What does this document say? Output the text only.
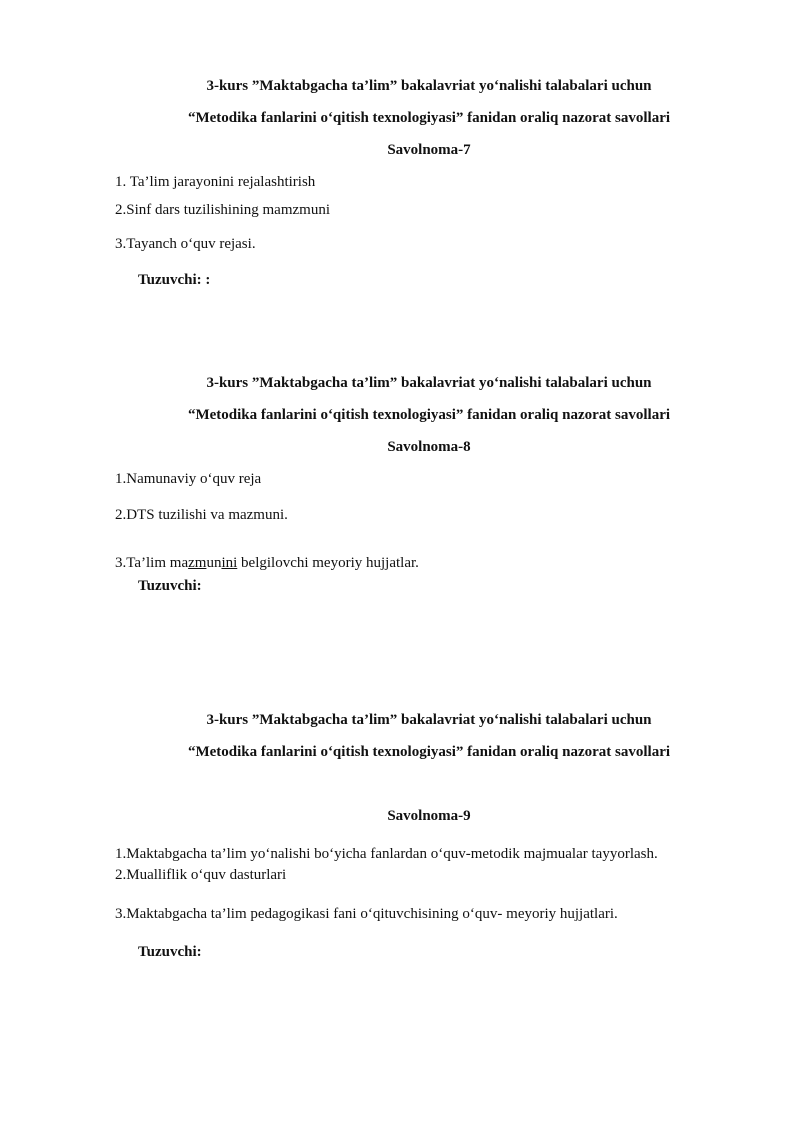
3-kurs ”Maktabgacha ta’lim” bakalavriat yo‘nalishi talabalari uchun
“Metodika fanlarini o‘qitish texnologiyasi” fanidan oraliq nazorat savollari
Savolnoma-7
1. Ta’lim jarayonini rejalashtirish
2.Sinf dars tuzilishining mamzmuni
3.Tayanch o‘quv rejasi.
Tuzuvchi: :
3-kurs ”Maktabgacha ta’lim” bakalavriat yo‘nalishi talabalari uchun
“Metodika fanlarini o‘qitish texnologiyasi” fanidan oraliq nazorat savollari
Savolnoma-8
1.Namunaviy o‘quv reja
2.DTS tuzilishi va mazmuni.
3.Ta’lim mazmunini belgilovchi meyoriy hujjatlar.
Tuzuvchi:
3-kurs ”Maktabgacha ta’lim” bakalavriat yo‘nalishi talabalari uchun
“Metodika fanlarini o‘qitish texnologiyasi” fanidan oraliq nazorat savollari
Savolnoma-9
1.Maktabgacha ta’lim yo‘nalishi bo‘yicha fanlardan o‘quv-metodik majmualar tayyorlash.
2.Mualliflik o‘quv dasturlari
3.Maktabgacha ta’lim pedagogikasi fani o‘qituvchisining o‘quv- meyoriy hujjatlari.
Tuzuvchi:
